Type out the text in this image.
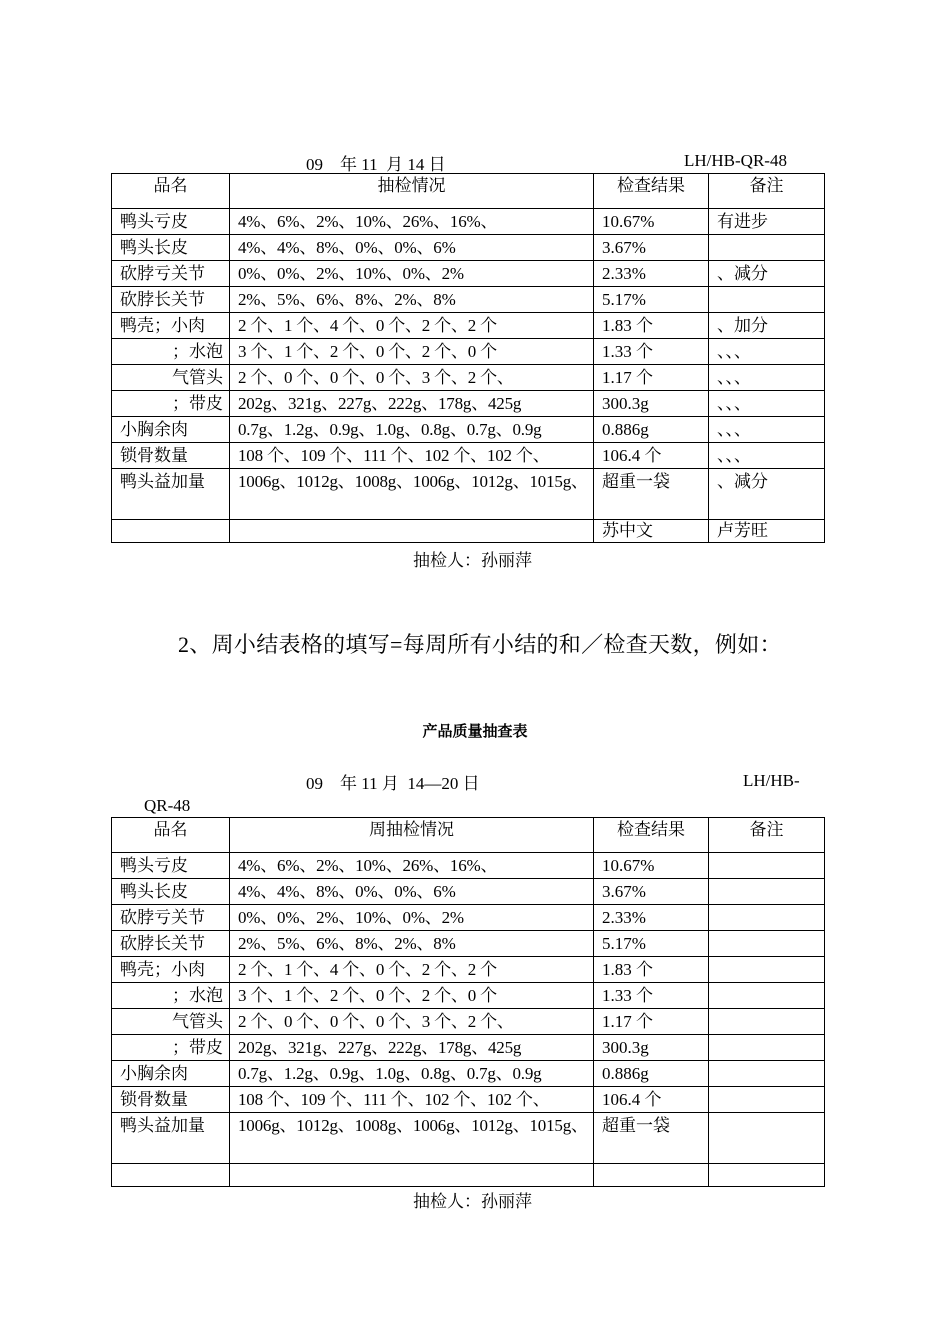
09　年 11  月 14 日	LH/HB-QR-48
品名	抽检情况	检查结果	备注
鸭头亏皮	4%、6%、2%、10%、26%、16%、	10.67%	有进步
鸭头长皮	4%、4%、8%、0%、0%、6%	3.67%	
砍脖亏关节	0%、0%、2%、10%、0%、2%	2.33%	、减分
砍脖长关节	2%、5%、6%、8%、2%、8%	5.17%	
鸭壳；小肉	2 个、1 个、4 个、0 个、2 个、2 个	1.83 个	、加分
；水泡	3 个、1 个、2 个、0 个、2 个、0 个	1.33 个	、、、
气管头	2 个、0 个、0 个、0 个、3 个、2 个、	1.17 个	、、、
；带皮	202g、321g、227g、222g、178g、425g	300.3g	、、、
小胸余肉	0.7g、1.2g、0.9g、1.0g、0.8g、0.7g、0.9g	0.886g	、、、
锁骨数量	108 个、109 个、111 个、102 个、102 个、	106.4 个	、、、
鸭头益加量	1006g、1012g、1008g、1006g、1012g、1015g、	超重一袋	、减分
		苏中文	卢芳旺
抽检人：孙丽萍
2、周小结表格的填写=每周所有小结的和／检查天数，例如：
产品质量抽查表
09　年 11 月  14—20 日	LH/HB-
QR-48
品名	周抽检情况	检查结果	备注
鸭头亏皮	4%、6%、2%、10%、26%、16%、	10.67%	
鸭头长皮	4%、4%、8%、0%、0%、6%	3.67%	
砍脖亏关节	0%、0%、2%、10%、0%、2%	2.33%	
砍脖长关节	2%、5%、6%、8%、2%、8%	5.17%	
鸭壳；小肉	2 个、1 个、4 个、0 个、2 个、2 个	1.83 个	
；水泡	3 个、1 个、2 个、0 个、2 个、0 个	1.33 个	
气管头	2 个、0 个、0 个、0 个、3 个、2 个、	1.17 个	
；带皮	202g、321g、227g、222g、178g、425g	300.3g	
小胸余肉	0.7g、1.2g、0.9g、1.0g、0.8g、0.7g、0.9g	0.886g	
锁骨数量	108 个、109 个、111 个、102 个、102 个、	106.4 个	
鸭头益加量	1006g、1012g、1008g、1006g、1012g、1015g、	超重一袋	

抽检人：孙丽萍
